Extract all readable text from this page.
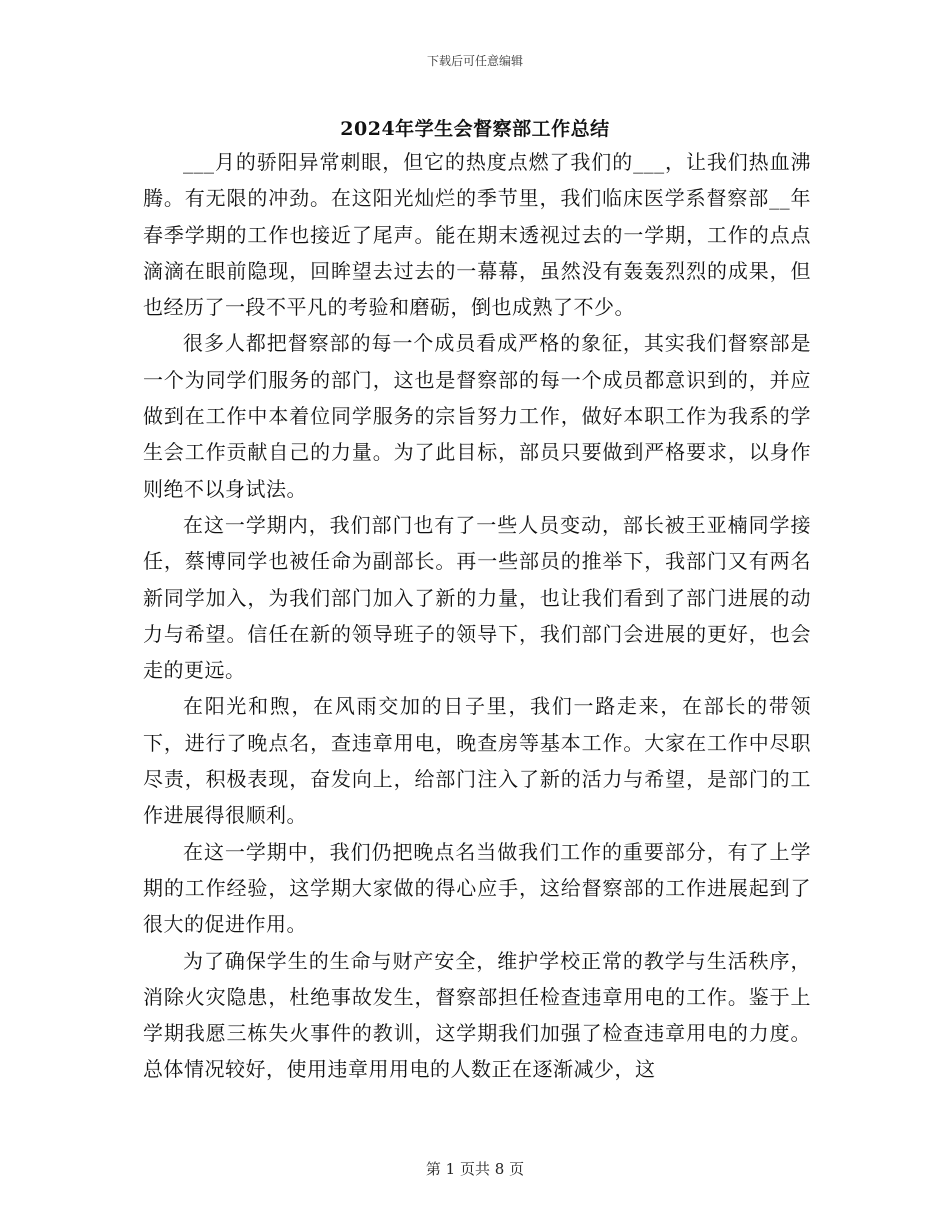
下载后可任意编辑
2024年学生会督察部工作总结

___月的骄阳异常刺眼，但它的热度点燃了我们的___，让我们热血沸腾。有无限的冲劲。在这阳光灿烂的季节里，我们临床医学系督察部__年春季学期的工作也接近了尾声。能在期末透视过去的一学期，工作的点点滴滴在眼前隐现，回眸望去过去的一幕幕，虽然没有轰轰烈烈的成果，但也经历了一段不平凡的考验和磨砺，倒也成熟了不少。

很多人都把督察部的每一个成员看成严格的象征，其实我们督察部是一个为同学们服务的部门，这也是督察部的每一个成员都意识到的，并应做到在工作中本着位同学服务的宗旨努力工作，做好本职工作为我系的学生会工作贡献自己的力量。为了此目标，部员只要做到严格要求，以身作则绝不以身试法。

在这一学期内，我们部门也有了一些人员变动，部长被王亚楠同学接任，蔡博同学也被任命为副部长。再一些部员的推举下，我部门又有两名新同学加入，为我们部门加入了新的力量，也让我们看到了部门进展的动力与希望。信任在新的领导班子的领导下，我们部门会进展的更好，也会走的更远。

在阳光和煦，在风雨交加的日子里，我们一路走来，在部长的带领下，进行了晚点名，查违章用电，晚查房等基本工作。大家在工作中尽职尽责，积极表现，奋发向上，给部门注入了新的活力与希望，是部门的工作进展得很顺利。

在这一学期中，我们仍把晚点名当做我们工作的重要部分，有了上学期的工作经验，这学期大家做的得心应手，这给督察部的工作进展起到了很大的促进作用。

为了确保学生的生命与财产安全，维护学校正常的教学与生活秩序，消除火灾隐患，杜绝事故发生，督察部担任检查违章用电的工作。鉴于上学期我愿三栋失火事件的教训，这学期我们加强了检查违章用电的力度。总体情况较好，使用违章用用电的人数正在逐渐减少，这

第 1 页共 8 页
